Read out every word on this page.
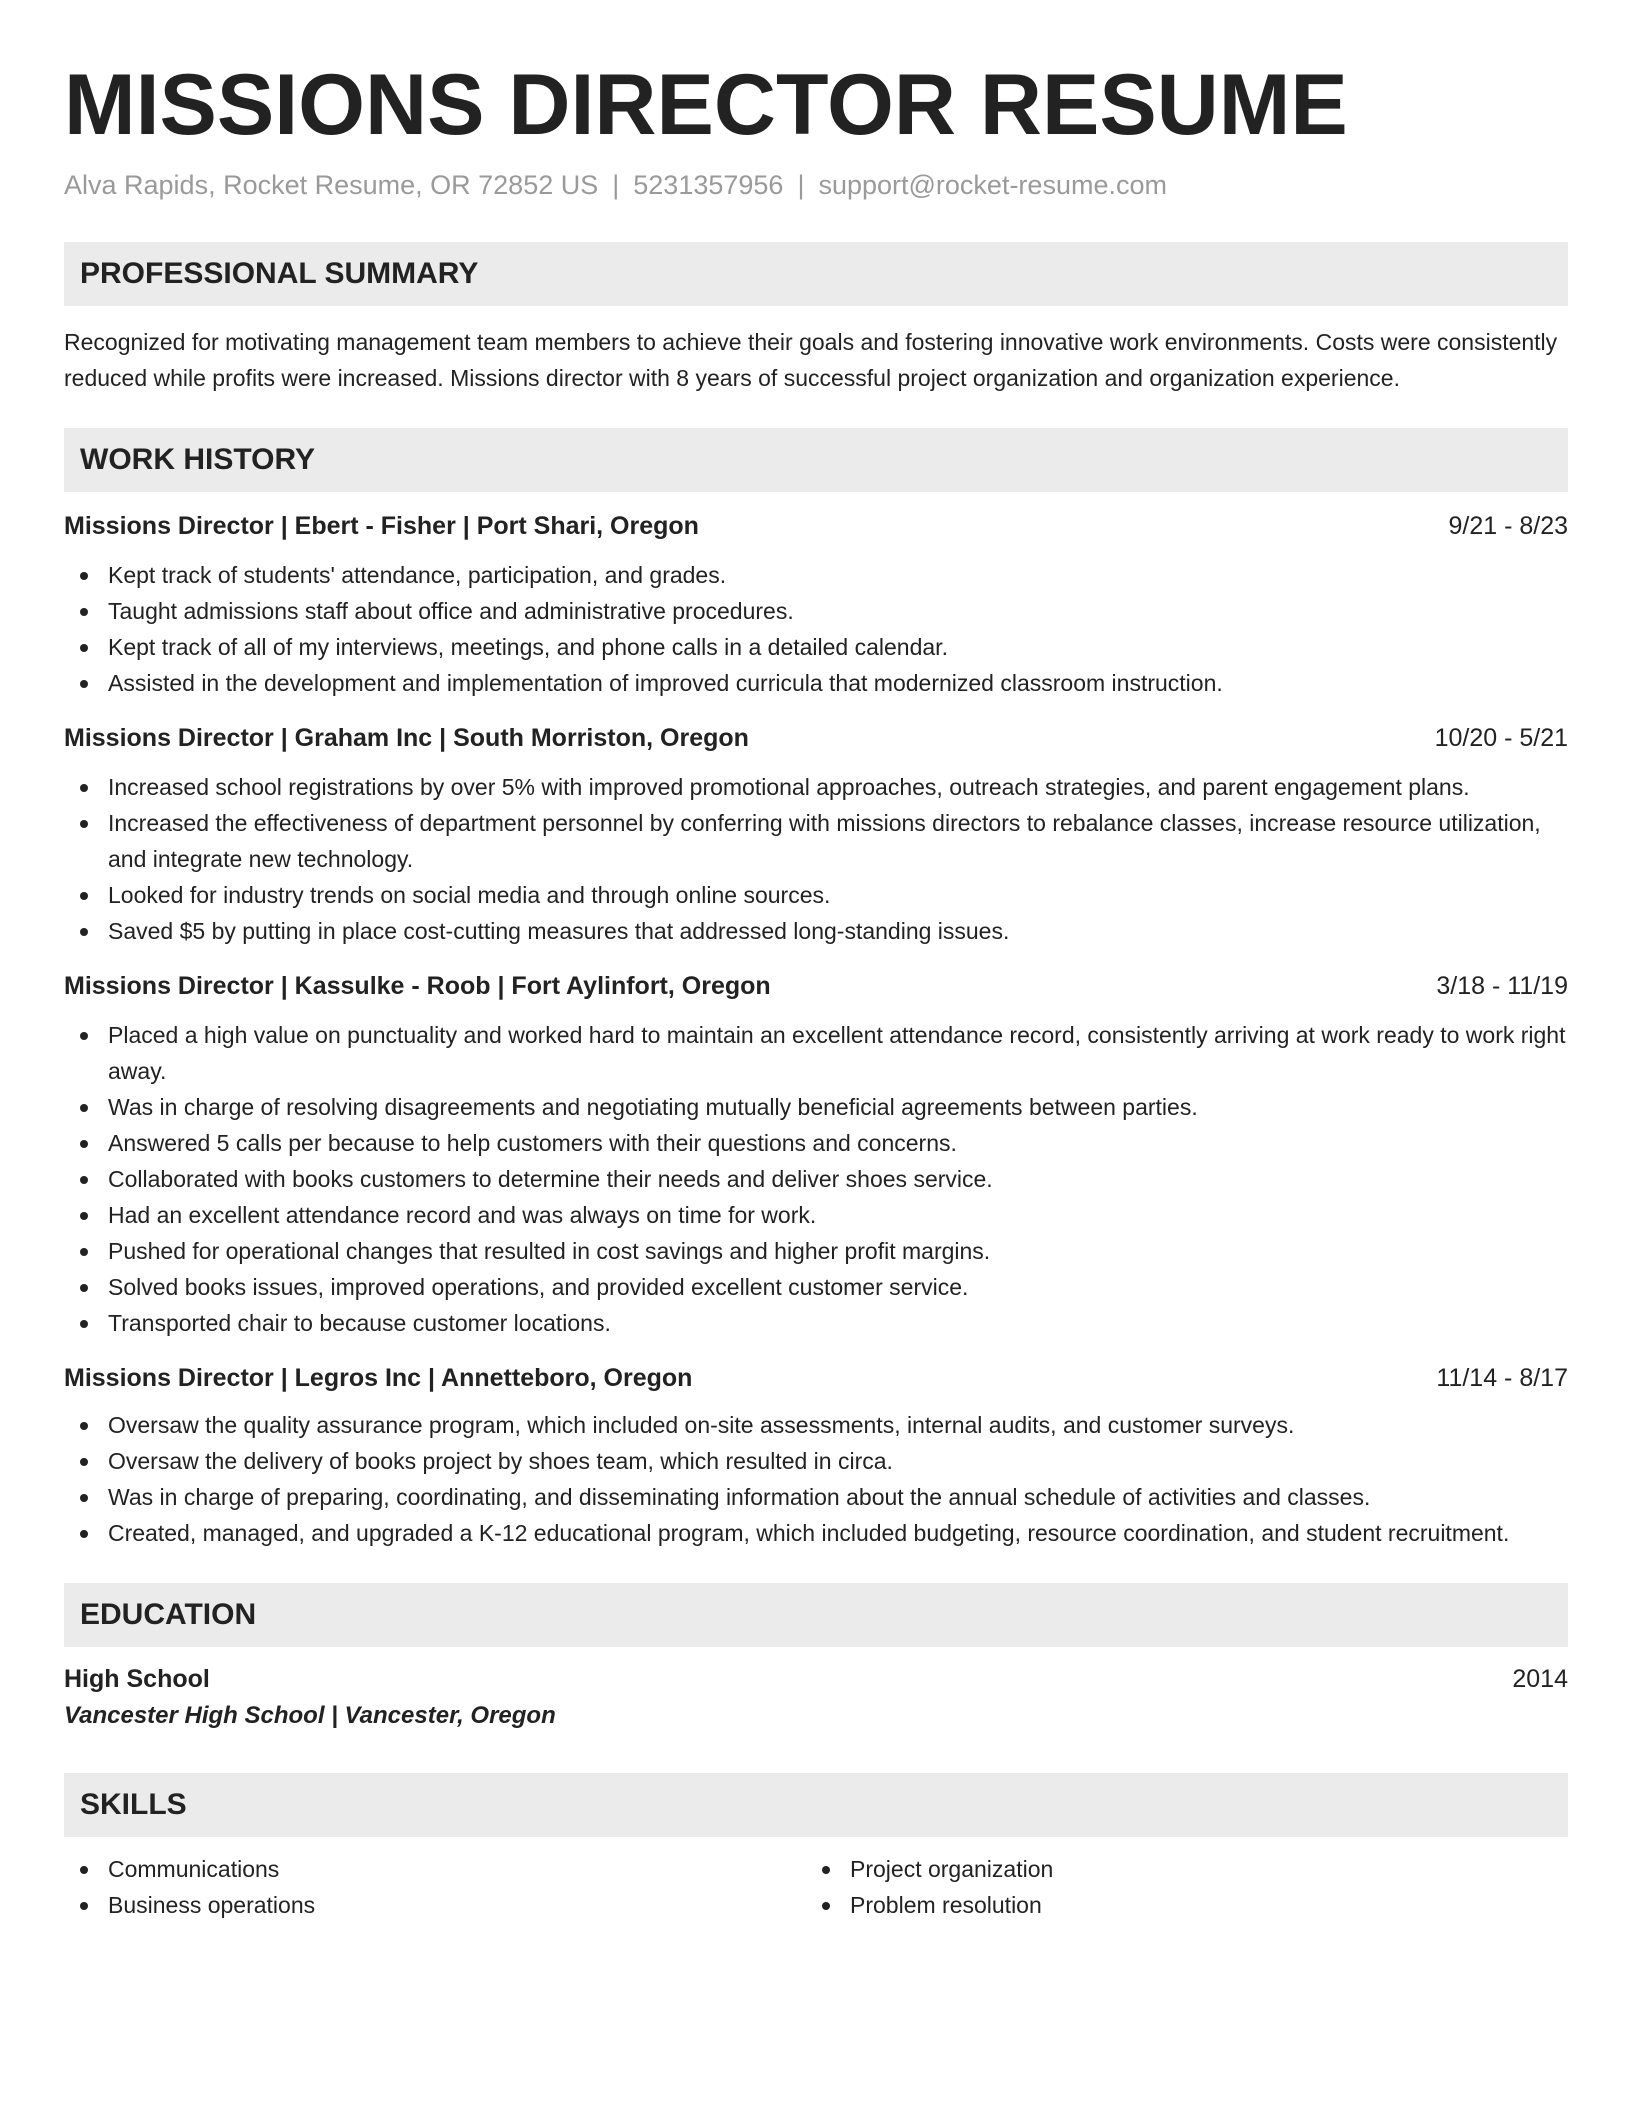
MISSIONS DIRECTOR RESUME
Alva Rapids, Rocket Resume, OR 72852 US | 5231357956 | support@rocket-resume.com
PROFESSIONAL SUMMARY

Recognized for motivating management team members to achieve their goals and fostering innovative work environments. Costs were consistently reduced while profits were increased. Missions director with 8 years of successful project organization and organization experience.

WORK HISTORY
Missions Director | Ebert - Fisher | Port Shari, Oregon	9/21 - 8/23
Kept track of students' attendance, participation, and grades.
Taught admissions staff about office and administrative procedures.
Kept track of all of my interviews, meetings, and phone calls in a detailed calendar.
Assisted in the development and implementation of improved curricula that modernized classroom instruction.
Missions Director | Graham Inc | South Morriston, Oregon	10/20 - 5/21
Increased school registrations by over 5% with improved promotional approaches, outreach strategies, and parent engagement plans.
Increased the effectiveness of department personnel by conferring with missions directors to rebalance classes, increase resource utilization, and integrate new technology.
Looked for industry trends on social media and through online sources.
Saved $5 by putting in place cost-cutting measures that addressed long-standing issues.
Missions Director | Kassulke - Roob | Fort Aylinfort, Oregon	3/18 - 11/19
Placed a high value on punctuality and worked hard to maintain an excellent attendance record, consistently arriving at work ready to work right away.
Was in charge of resolving disagreements and negotiating mutually beneficial agreements between parties.
Answered 5 calls per because to help customers with their questions and concerns.
Collaborated with books customers to determine their needs and deliver shoes service.
Had an excellent attendance record and was always on time for work.
Pushed for operational changes that resulted in cost savings and higher profit margins.
Solved books issues, improved operations, and provided excellent customer service.
Transported chair to because customer locations.
Missions Director | Legros Inc | Annetteboro, Oregon	11/14 - 8/17
Oversaw the quality assurance program, which included on-site assessments, internal audits, and customer surveys.
Oversaw the delivery of books project by shoes team, which resulted in circa.
Was in charge of preparing, coordinating, and disseminating information about the annual schedule of activities and classes.
Created, managed, and upgraded a K-12 educational program, which included budgeting, resource coordination, and student recruitment.
EDUCATION
High School	2014
Vancester High School | Vancester, Oregon
SKILLS
Communications
Business operations
Project organization
Problem resolution
